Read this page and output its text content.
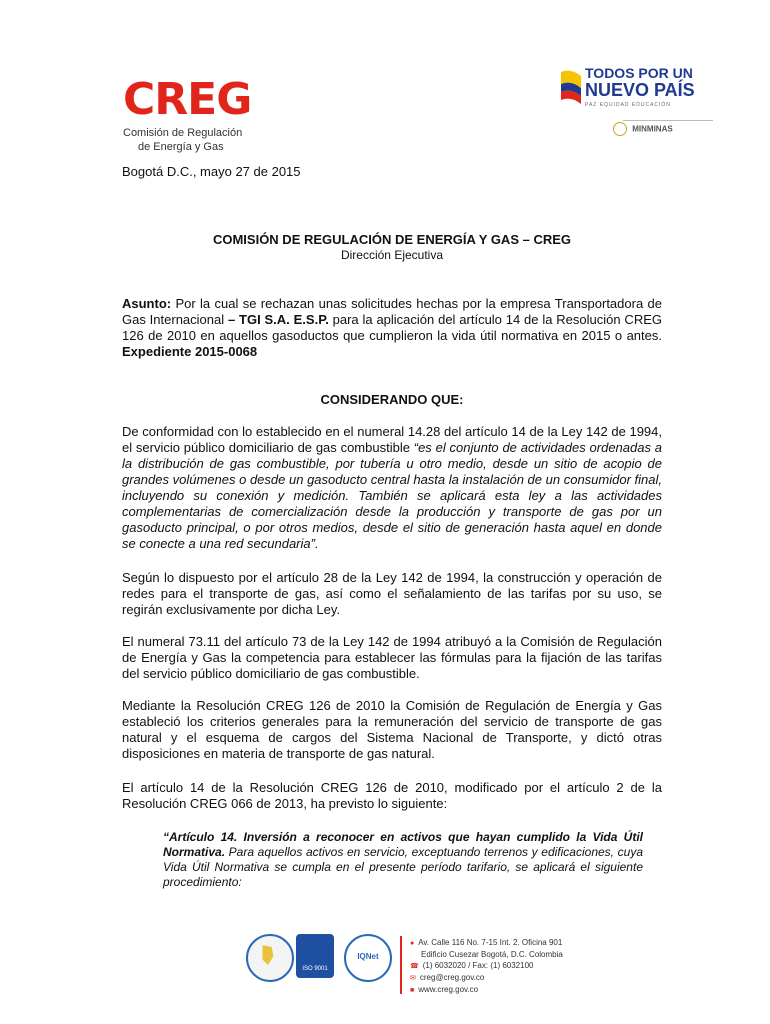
CREG
Comisión de Regulación
de Energía y Gas
TODOS POR UN
NUEVO PAÍS
PAZ EQUIDAD EDUCACIÓN
MINMINAS
Bogotá D.C., mayo 27 de 2015
COMISIÓN DE REGULACIÓN DE ENERGÍA Y GAS – CREG
Dirección Ejecutiva
Asunto: Por la cual se rechazan unas solicitudes hechas por la empresa Transportadora de Gas Internacional – TGI S.A. E.S.P. para la aplicación del artículo 14 de la Resolución CREG 126 de 2010 en aquellos gasoductos que cumplieron la vida útil normativa en 2015 o antes. Expediente 2015-0068
CONSIDERANDO QUE:
De conformidad con lo establecido en el numeral 14.28 del artículo 14 de la Ley 142 de 1994, el servicio público domiciliario de gas combustible “es el conjunto de actividades ordenadas a la distribución de gas combustible, por tubería u otro medio, desde un sitio de acopio de grandes volúmenes o desde un gasoducto central hasta la instalación de un consumidor final, incluyendo su conexión y medición. También se aplicará esta ley a las actividades complementarias de comercialización desde la producción y transporte de gas por un gasoducto principal, o por otros medios, desde el sitio de generación hasta aquel en donde se conecte a una red secundaria”.
Según lo dispuesto por el artículo 28 de la Ley 142 de 1994, la construcción y operación de redes para el transporte de gas, así como el señalamiento de las tarifas por su uso, se regirán exclusivamente por dicha Ley.
El numeral 73.11 del artículo 73 de la Ley 142 de 1994 atribuyó a la Comisión de Regulación de Energía y Gas la competencia para establecer las fórmulas para la fijación de las tarifas del servicio público domiciliario de gas combustible.
Mediante la Resolución CREG 126 de 2010 la Comisión de Regulación de Energía y Gas estableció los criterios generales para la remuneración del servicio de transporte de gas natural y el esquema de cargos del Sistema Nacional de Transporte, y dictó otras disposiciones en materia de transporte de gas natural.
El artículo 14 de la Resolución CREG 126 de 2010, modificado por el artículo 2 de la Resolución CREG 066 de 2013, ha previsto lo siguiente:
“Artículo 14. Inversión a reconocer en activos que hayan cumplido la Vida Útil Normativa. Para aquellos activos en servicio, exceptuando terrenos y edificaciones, cuya Vida Útil Normativa se cumpla en el presente período tarifario, se aplicará el siguiente procedimiento:
ISO 9001
IQNet
● Av. Calle 116 No. 7-15 Int. 2. Oficina 901
Edificio Cusezar Bogotá, D.C. Colombia
☎ (1) 6032020 / Fax: (1) 6032100
✉ creg@creg.gov.co
■ www.creg.gov.co
